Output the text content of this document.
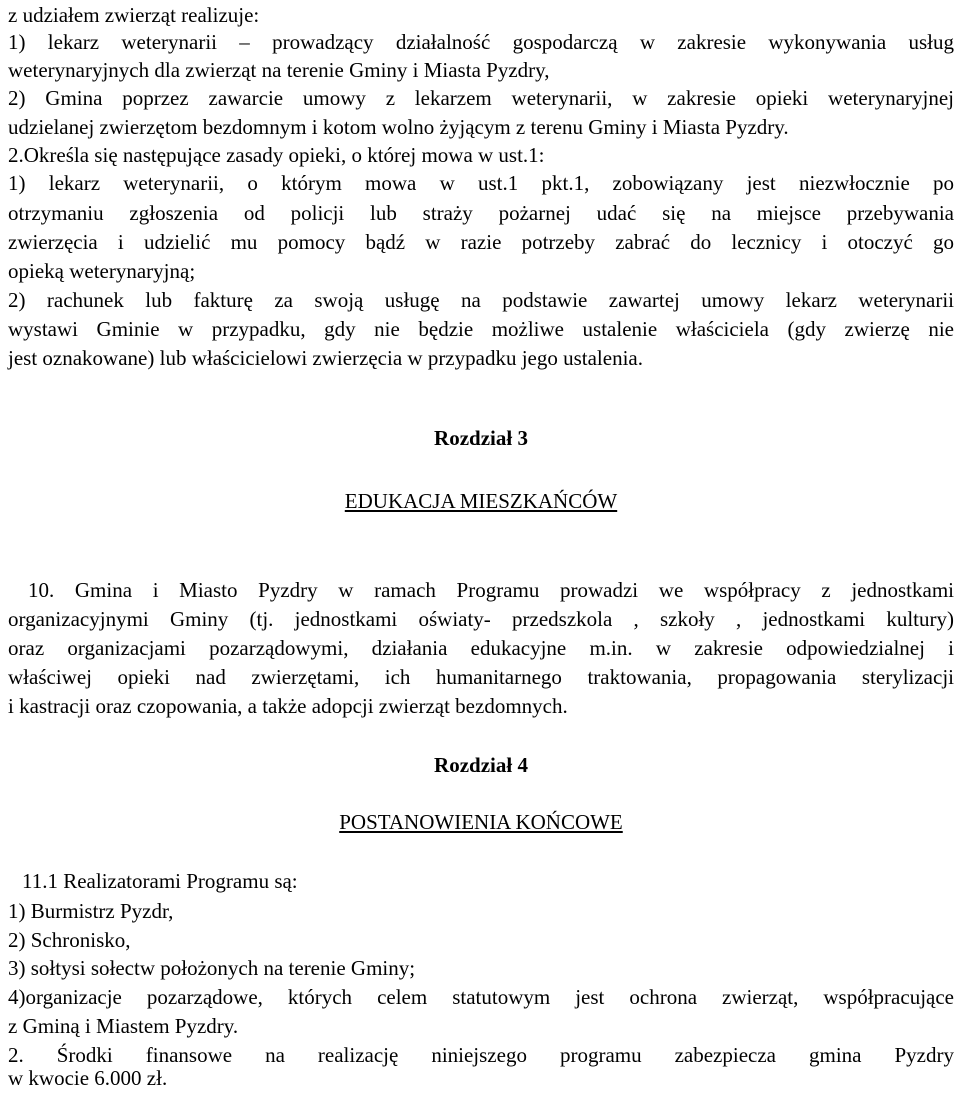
z udziałem zwierząt realizuje:
1) lekarz weterynarii – prowadzący działalność gospodarczą w zakresie wykonywania usług
weterynaryjnych dla zwierząt na terenie Gminy i Miasta Pyzdry,
2) Gmina poprzez zawarcie umowy z lekarzem weterynarii, w zakresie opieki weterynaryjnej
udzielanej zwierzętom bezdomnym i kotom wolno żyjącym z terenu Gminy i Miasta Pyzdry.
2.Określa się następujące zasady opieki, o której mowa w ust.1:
1) lekarz weterynarii, o którym mowa w ust.1 pkt.1, zobowiązany jest niezwłocznie po
otrzymaniu zgłoszenia od policji lub straży pożarnej udać się na miejsce przebywania
zwierzęcia i udzielić mu pomocy bądź w razie potrzeby zabrać do lecznicy i otoczyć go
opieką weterynaryjną;
2) rachunek lub fakturę za swoją usługę na podstawie zawartej umowy lekarz weterynarii
wystawi Gminie w przypadku, gdy nie będzie możliwe ustalenie właściciela (gdy zwierzę nie
jest oznakowane) lub właścicielowi zwierzęcia w przypadku jego ustalenia.
Rozdział 3
EDUKACJA MIESZKAŃCÓW
10. Gmina i Miasto Pyzdry w ramach Programu prowadzi we współpracy z jednostkami
organizacyjnymi Gminy (tj. jednostkami oświaty- przedszkola , szkoły , jednostkami kultury)
oraz organizacjami pozarządowymi, działania edukacyjne m.in. w zakresie odpowiedzialnej i
właściwej opieki nad zwierzętami, ich humanitarnego traktowania, propagowania sterylizacji
i kastracji oraz czopowania, a także adopcji zwierząt bezdomnych.
Rozdział 4
POSTANOWIENIA KOŃCOWE
11.1 Realizatorami Programu są:
1) Burmistrz Pyzdr,
2) Schronisko,
3) sołtysi sołectw położonych na terenie Gminy;
4)organizacje pozarządowe, których celem statutowym jest ochrona zwierząt, współpracujące
z Gminą i Miastem Pyzdry.
2. Środki finansowe na realizację niniejszego programu zabezpiecza gmina Pyzdry
w kwocie 6.000 zł.
